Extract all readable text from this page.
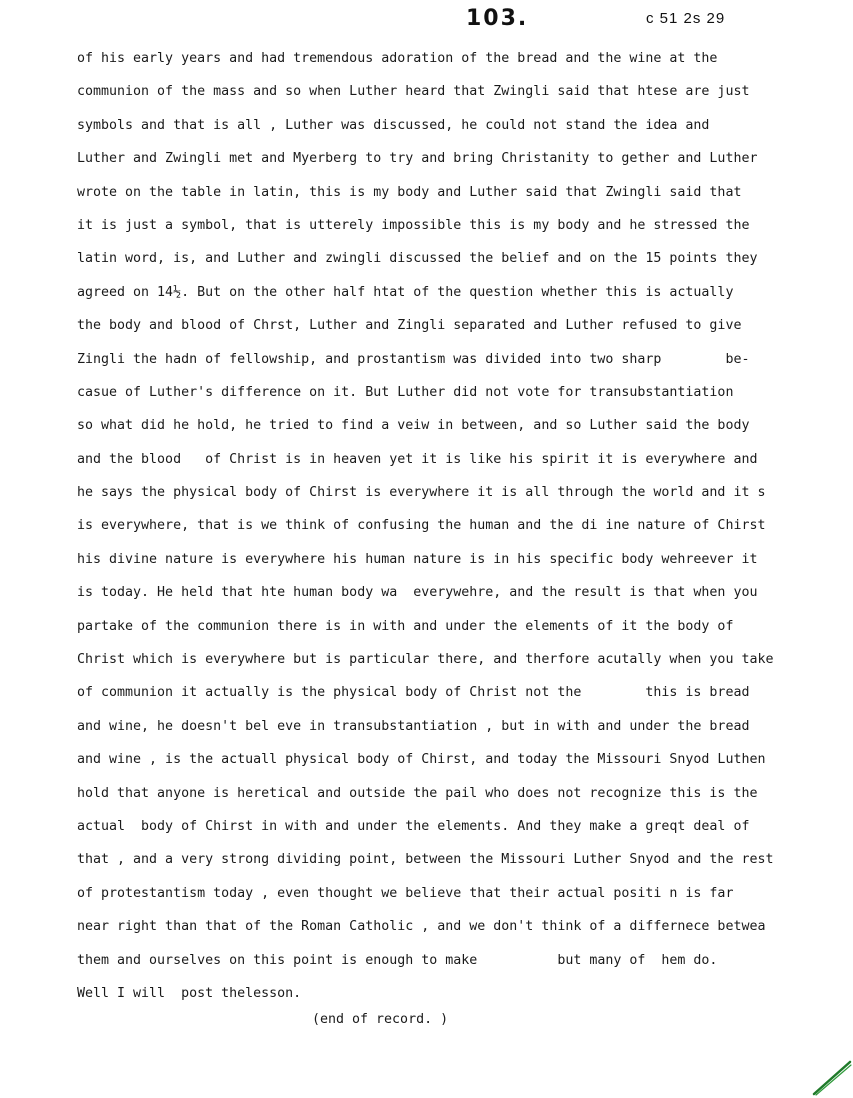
103.	c 51 2s 29
of his early years and had tremendous adoration of the bread and the wine at the
communion of the mass and so when Luther heard that Zwingli said that htese are just
symbols and that is all , Luther was discussed, he could not stand the idea and
Luther and Zwingli met and Myerberg to try and bring Christanity to gether and Luther
wrote on the table in latin, this is my body and Luther said that Zwingli said that
it is just a symbol, that is utterely impossible this is my body and he stressed the
latin word, is, and Luther and zwingli discussed the belief and on the 15 points they
agreed on 14½. But on the other half htat of the question whether this is actually
the body and blood of Chrst, Luther and Zingli separated and Luther refused to give
Zingli the hadn of fellowship, and prostantism was divided into two sharp        be-
casue of Luther's difference on it. But Luther did not vote for transubstantiation
so what did he hold, he tried to find a veiw in between, and so Luther said the body
and the blood   of Christ is in heaven yet it is like his spirit it is everywhere and
he says the physical body of Chirst is everywhere it is all through the world and it s
is everywhere, that is we think of confusing the human and the di ine nature of Chirst
his divine nature is everywhere his human nature is in his specific body wehreever it
is today. He held that hte human body wa  everywehre, and the result is that when you
partake of the communion there is in with and under the elements of it the body of
Christ which is everywhere but is particular there, and therfore acutally when you take
of communion it actually is the physical body of Christ not the        this is bread
and wine, he doesn't bel eve in transubstantiation , but in with and under the bread
and wine , is the actuall physical body of Chirst, and today the Missouri Snyod Luthen
hold that anyone is heretical and outside the pail who does not recognize this is the
actual  body of Chirst in with and under the elements. And they make a greqt deal of
that , and a very strong dividing point, between the Missouri Luther Snyod and the rest
of protestantism today , even thought we believe that their actual positi n is far
near right than that of the Roman Catholic , and we don't think of a differnece betwea
them and ourselves on this point is enough to make          but many of  hem do.
Well I will  post thelesson.
(end of record. )
